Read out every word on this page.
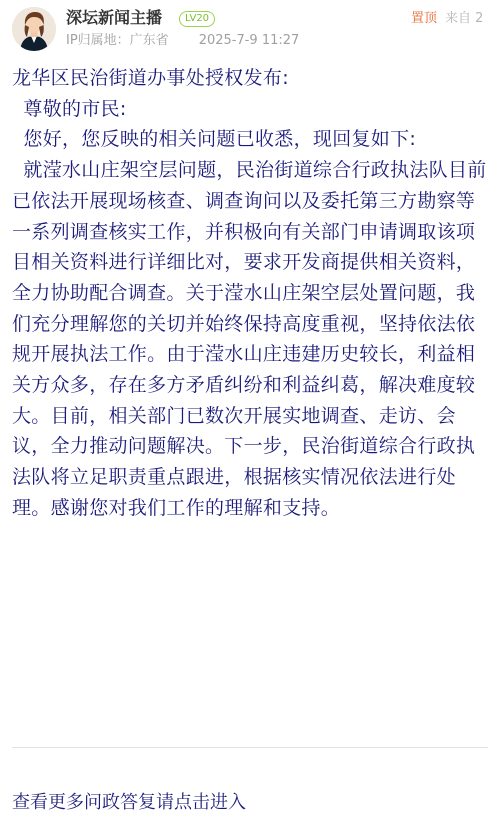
深坛新闻主播	LV20
IP归属地：广东省 2025-7-9 11:27
置顶 来自 2

龙华区民治街道办事处授权发布:

尊敬的市民:

您好，您反映的相关问题已收悉，现回复如下:

就滢水山庄架空层问题，民治街道综合行政执法队目前已依法开展现场核查、调查询问以及委托第三方勘察等一系列调查核实工作，并积极向有关部门申请调取该项目相关资料进行详细比对，要求开发商提供相关资料，全力协助配合调查。关于滢水山庄架空层处置问题，我们充分理解您的关切并始终保持高度重视，坚持依法依规开展执法工作。由于滢水山庄违建历史较长，利益相关方众多，存在多方矛盾纠纷和利益纠葛，解决难度较大。目前，相关部门已数次开展实地调查、走访、会议，全力推动问题解决。下一步，民治街道综合行政执法队将立足职责重点跟进，根据核实情况依法进行处理。感谢您对我们工作的理解和支持。

查看更多问政答复请点击进入
